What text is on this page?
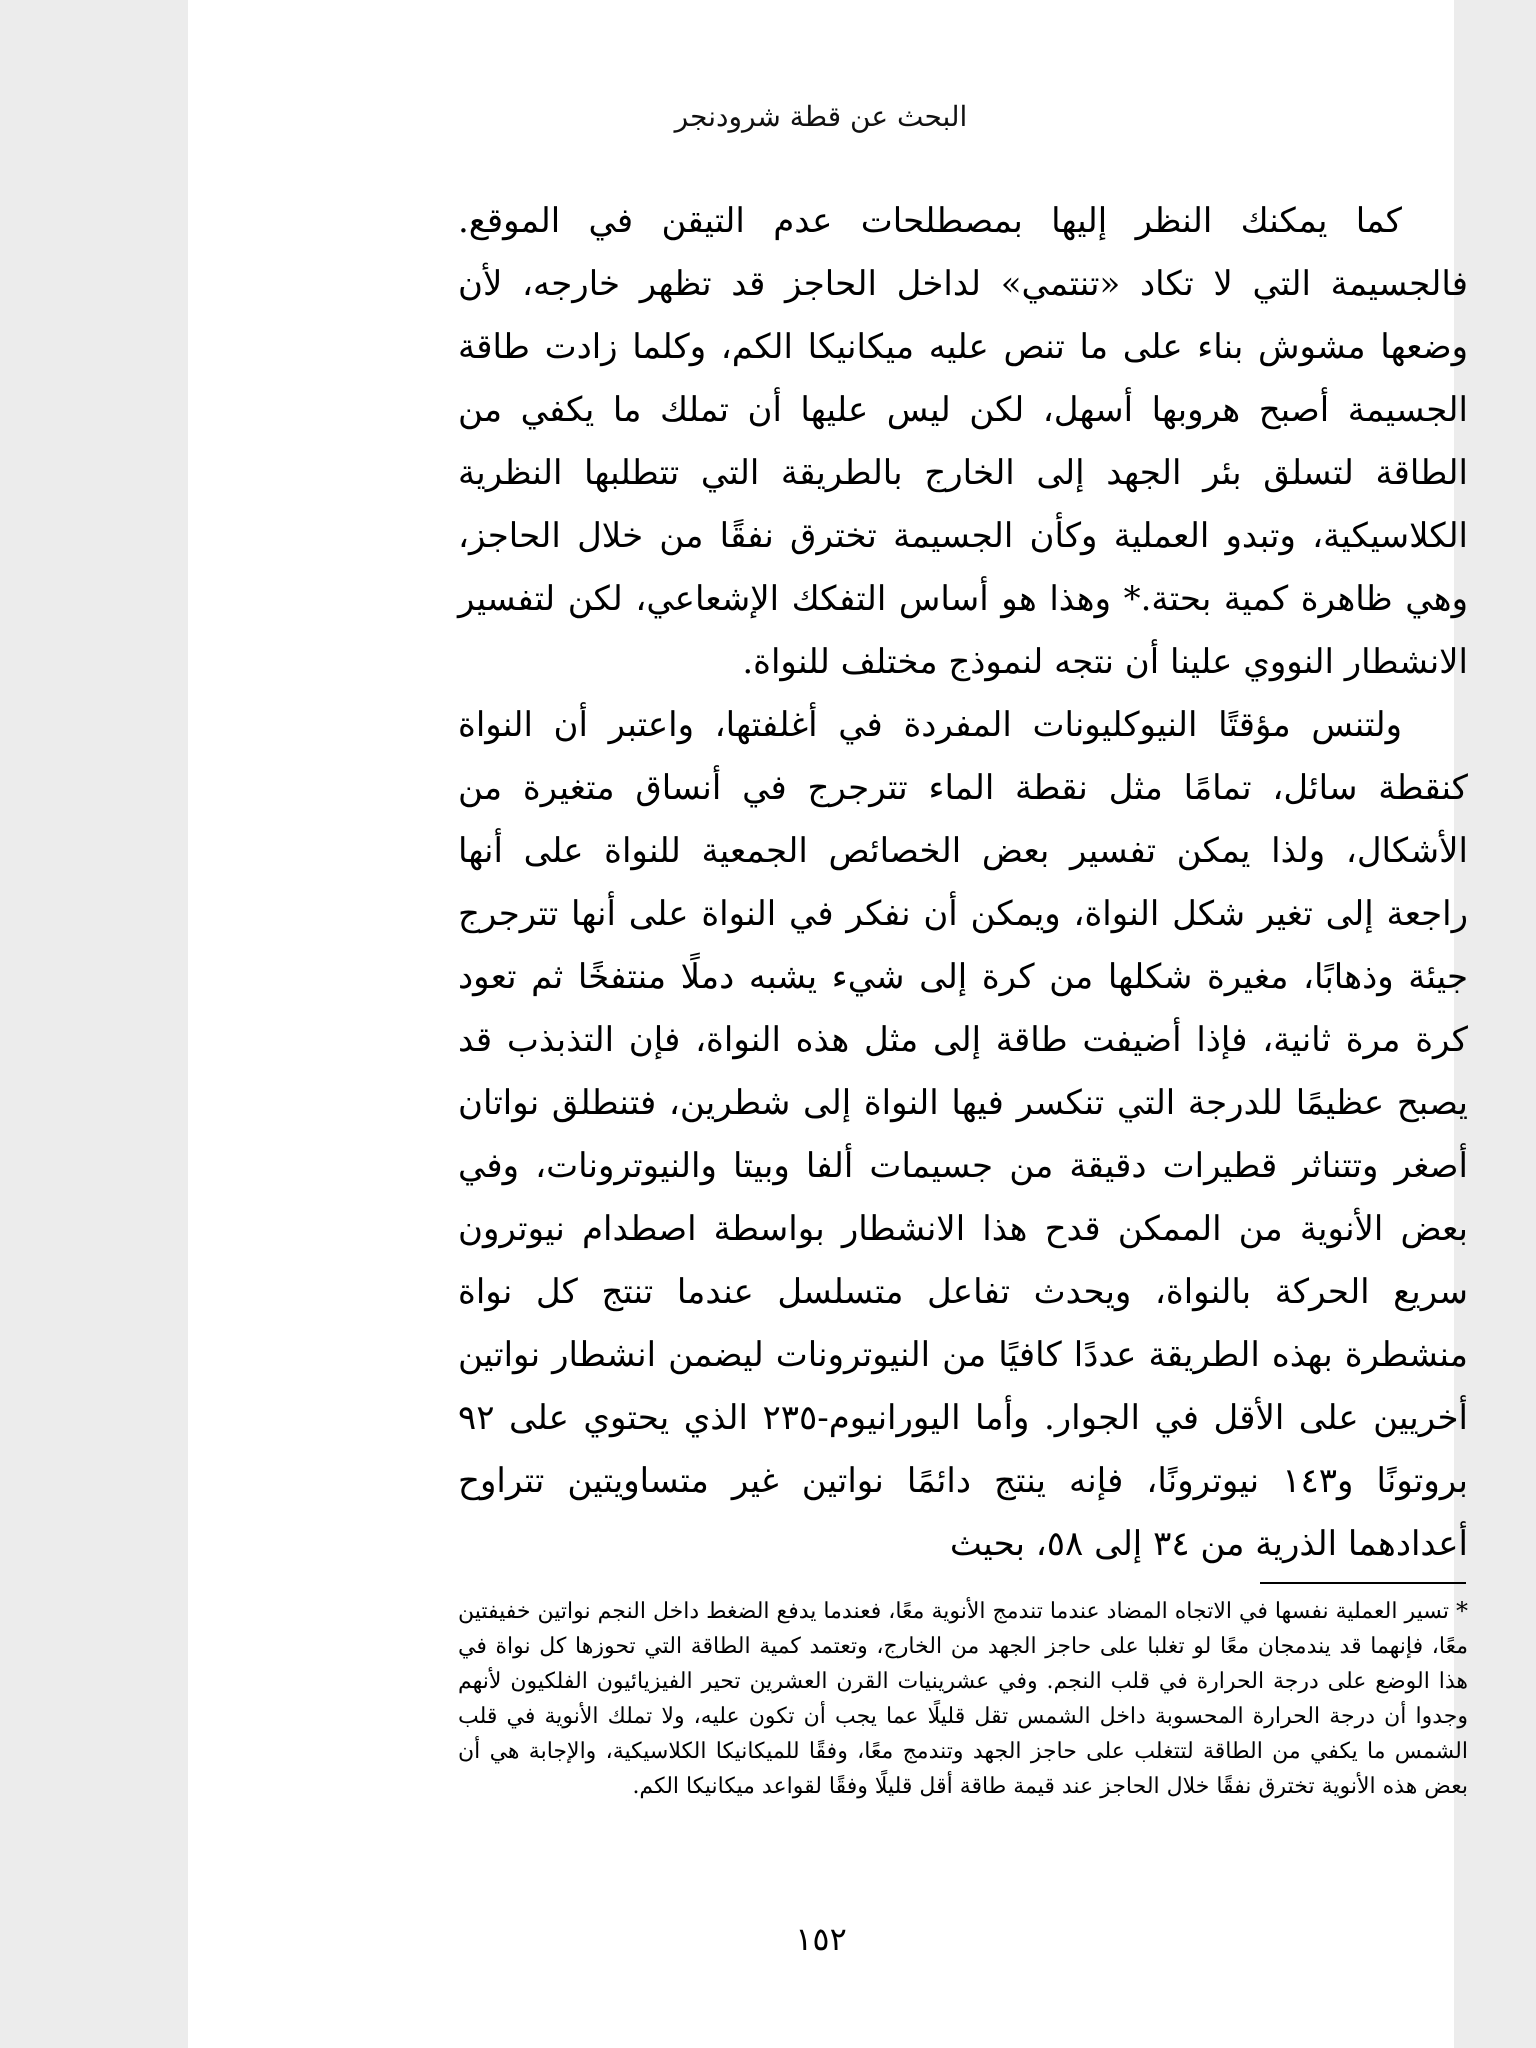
البحث عن قطة شرودنجر

كما يمكنك النظر إليها بمصطلحات عدم التيقن في الموقع. فالجسيمة التي لا تكاد «تنتمي» لداخل الحاجز قد تظهر خارجه، لأن وضعها مشوش بناء على ما تنص عليه ميكانيكا الكم، وكلما زادت طاقة الجسيمة أصبح هروبها أسهل، لكن ليس عليها أن تملك ما يكفي من الطاقة لتسلق بئر الجهد إلى الخارج بالطريقة التي تتطلبها النظرية الكلاسيكية، وتبدو العملية وكأن الجسيمة تخترق نفقًا من خلال الحاجز، وهي ظاهرة كمية بحتة.* وهذا هو أساس التفكك الإشعاعي، لكن لتفسير الانشطار النووي علينا أن نتجه لنموذج مختلف للنواة.

ولتنس مؤقتًا النيوكليونات المفردة في أغلفتها، واعتبر أن النواة كنقطة سائل، تمامًا مثل نقطة الماء تترجرج في أنساق متغيرة من الأشكال، ولذا يمكن تفسير بعض الخصائص الجمعية للنواة على أنها راجعة إلى تغير شكل النواة، ويمكن أن نفكر في النواة على أنها تترجرج جيئة وذهابًا، مغيرة شكلها من كرة إلى شيء يشبه دملًا منتفخًا ثم تعود كرة مرة ثانية، فإذا أضيفت طاقة إلى مثل هذه النواة، فإن التذبذب قد يصبح عظيمًا للدرجة التي تنكسر فيها النواة إلى شطرين، فتنطلق نواتان أصغر وتتناثر قطيرات دقيقة من جسيمات ألفا وبيتا والنيوترونات، وفي بعض الأنوية من الممكن قدح هذا الانشطار بواسطة اصطدام نيوترون سريع الحركة بالنواة، ويحدث تفاعل متسلسل عندما تنتج كل نواة منشطرة بهذه الطريقة عددًا كافيًا من النيوترونات ليضمن انشطار نواتين أخريين على الأقل في الجوار. وأما اليورانيوم-٢٣٥ الذي يحتوي على ٩٢ بروتونًا و١٤٣ نيوترونًا، فإنه ينتج دائمًا نواتين غير متساويتين تتراوح أعدادهما الذرية من ٣٤ إلى ٥٨، بحيث

* تسير العملية نفسها في الاتجاه المضاد عندما تندمج الأنوية معًا، فعندما يدفع الضغط داخل النجم نواتين خفيفتين معًا، فإنهما قد يندمجان معًا لو تغلبا على حاجز الجهد من الخارج، وتعتمد كمية الطاقة التي تحوزها كل نواة في هذا الوضع على درجة الحرارة في قلب النجم. وفي عشرينيات القرن العشرين تحير الفيزيائيون الفلكيون لأنهم وجدوا أن درجة الحرارة المحسوبة داخل الشمس تقل قليلًا عما يجب أن تكون عليه، ولا تملك الأنوية في قلب الشمس ما يكفي من الطاقة لتتغلب على حاجز الجهد وتندمج معًا، وفقًا للميكانيكا الكلاسيكية، والإجابة هي أن بعض هذه الأنوية تخترق نفقًا خلال الحاجز عند قيمة طاقة أقل قليلًا وفقًا لقواعد ميكانيكا الكم.
١٥٢
